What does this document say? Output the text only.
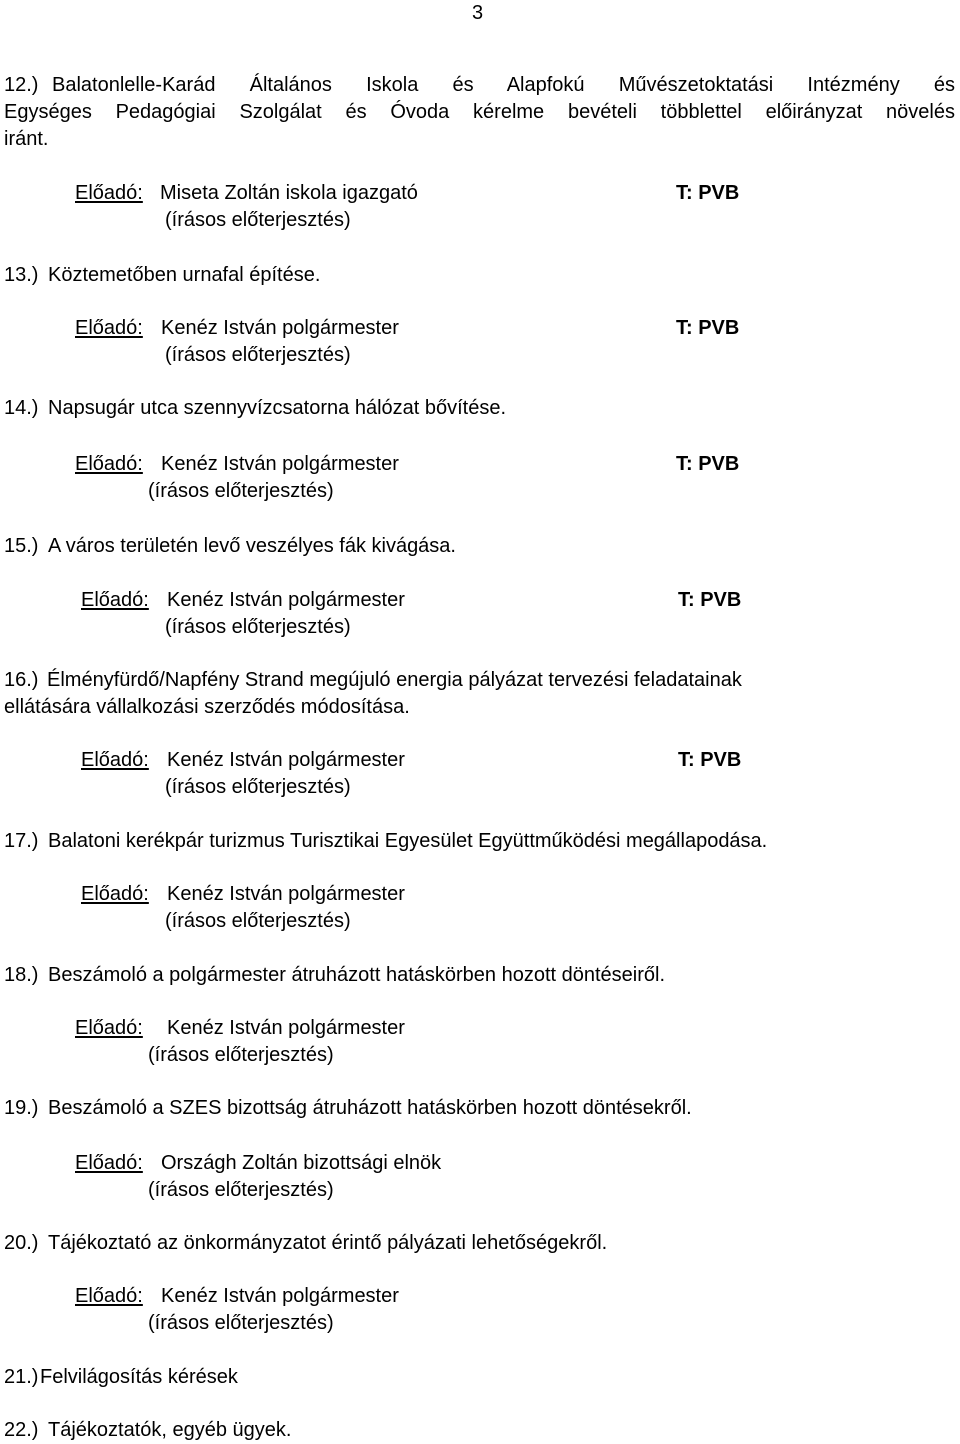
3
12.) Balatonlelle-Karád Általános Iskola és Alapfokú Művészetoktatási Intézmény és
Egységes Pedagógiai Szolgálat és Óvoda kérelme bevételi többlettel előirányzat növelés
iránt.
Előadó: Miseta Zoltán iskola igazgató	T: PVB
(írásos előterjesztés)
13.) Köztemetőben urnafal építése.
Előadó: Kenéz István polgármester	T: PVB
(írásos előterjesztés)
14.) Napsugár utca szennyvízcsatorna hálózat bővítése.
Előadó: Kenéz István polgármester	T: PVB
(írásos előterjesztés)
15.) A város területén levő veszélyes fák kivágása.
Előadó: Kenéz István polgármester	T: PVB
(írásos előterjesztés)
16.) Élményfürdő/Napfény Strand megújuló energia pályázat tervezési feladatainak
ellátására vállalkozási szerződés módosítása.
Előadó: Kenéz István polgármester	T: PVB
(írásos előterjesztés)
17.) Balatoni kerékpár turizmus Turisztikai Egyesület Együttműködési megállapodása.
Előadó: Kenéz István polgármester
(írásos előterjesztés)
18.) Beszámoló a polgármester átruházott hatáskörben hozott döntéseiről.
Előadó: Kenéz István polgármester
(írásos előterjesztés)
19.) Beszámoló a SZES bizottság átruházott hatáskörben hozott döntésekről.
Előadó: Országh Zoltán bizottsági elnök
(írásos előterjesztés)
20.) Tájékoztató az önkormányzatot érintő pályázati lehetőségekről.
Előadó: Kenéz István polgármester
(írásos előterjesztés)
21.) Felvilágosítás kérések
22.) Tájékoztatók, egyéb ügyek.
